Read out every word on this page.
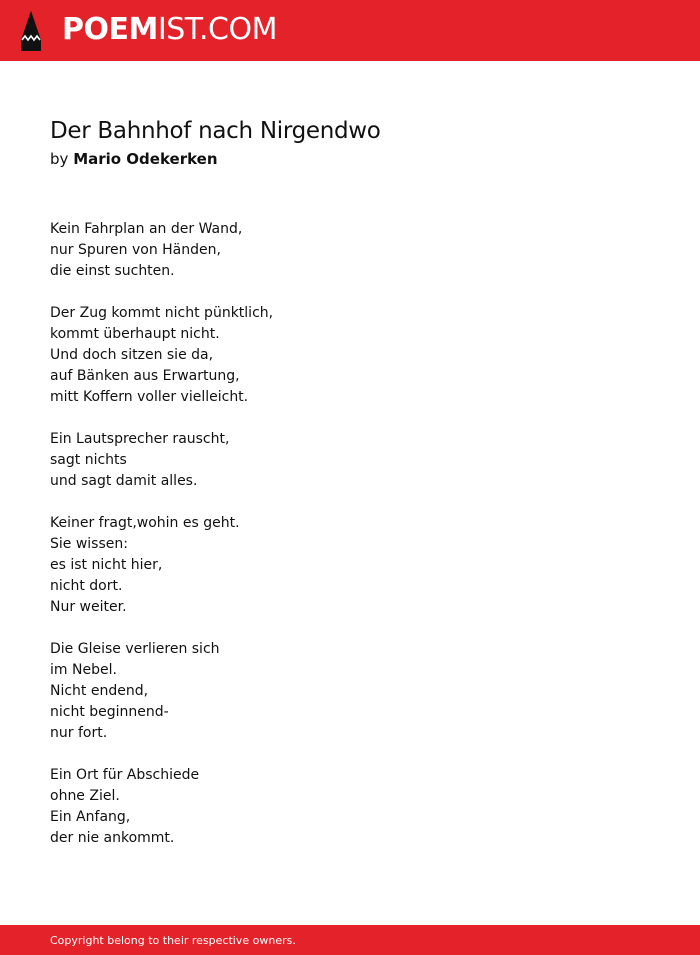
POEMIST.COM
Der Bahnhof nach Nirgendwo
by Mario Odekerken
Kein Fahrplan an der Wand,
nur Spuren von Händen,
die einst suchten.
Der Zug kommt nicht pünktlich,
kommt überhaupt nicht.
Und doch sitzen sie da,
auf Bänken aus Erwartung,
mitt Koffern voller vielleicht.
Ein Lautsprecher rauscht,
sagt nichts
und sagt damit alles.
Keiner fragt,wohin es geht.
Sie wissen:
es ist nicht hier,
nicht dort.
Nur weiter.
Die Gleise verlieren sich
im Nebel.
Nicht endend,
nicht beginnend-
nur fort.
Ein Ort für Abschiede
ohne Ziel.
Ein Anfang,
der nie ankommt.
Copyright belong to their respective owners.
